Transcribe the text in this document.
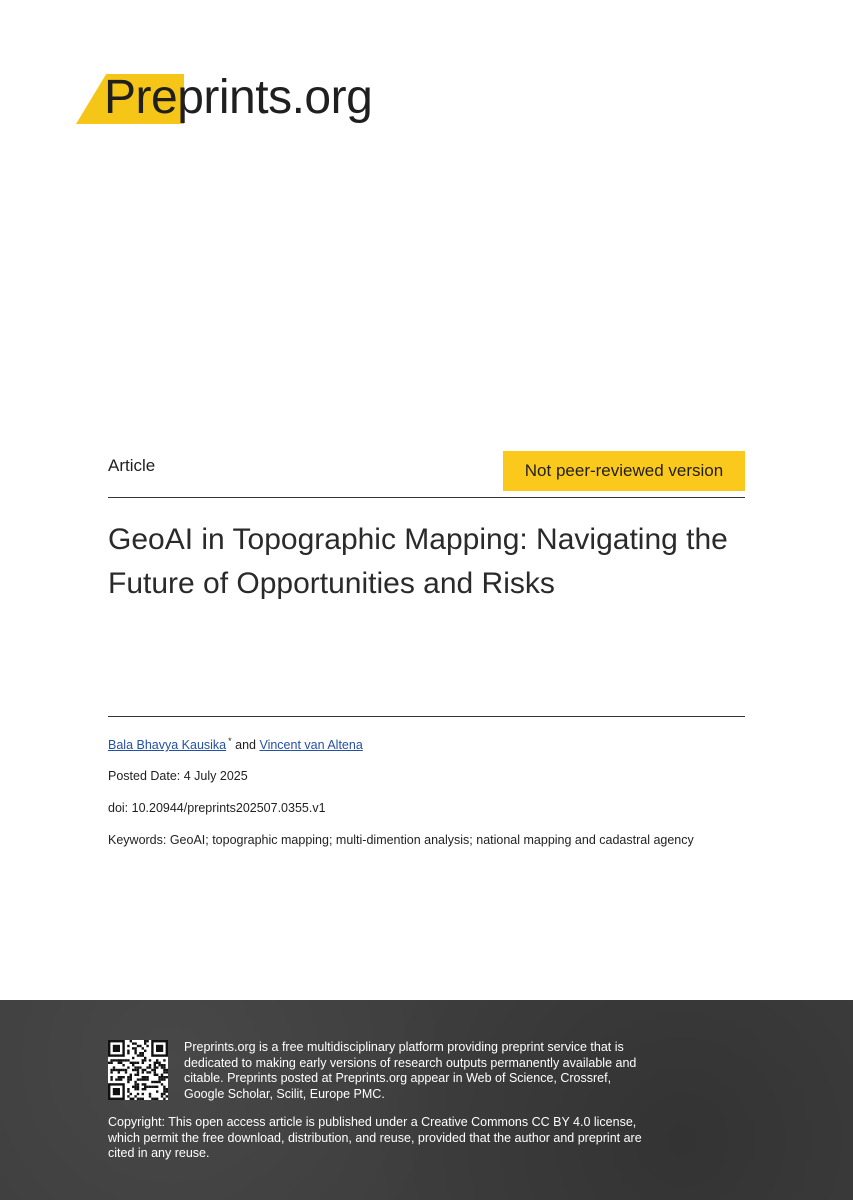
Preprints.org
Article	Not peer-reviewed version
GeoAI in Topographic Mapping: Navigating the Future of Opportunities and Risks
Bala Bhavya Kausika * and Vincent van Altena
Posted Date: 4 July 2025
doi: 10.20944/preprints202507.0355.v1
Keywords: GeoAI; topographic mapping; multi-dimention analysis; national mapping and cadastral agency

Preprints.org is a free multidisciplinary platform providing preprint service that is dedicated to making early versions of research outputs permanently available and citable. Preprints posted at Preprints.org appear in Web of Science, Crossref, Google Scholar, Scilit, Europe PMC.

Copyright: This open access article is published under a Creative Commons CC BY 4.0 license, which permit the free download, distribution, and reuse, provided that the author and preprint are cited in any reuse.
